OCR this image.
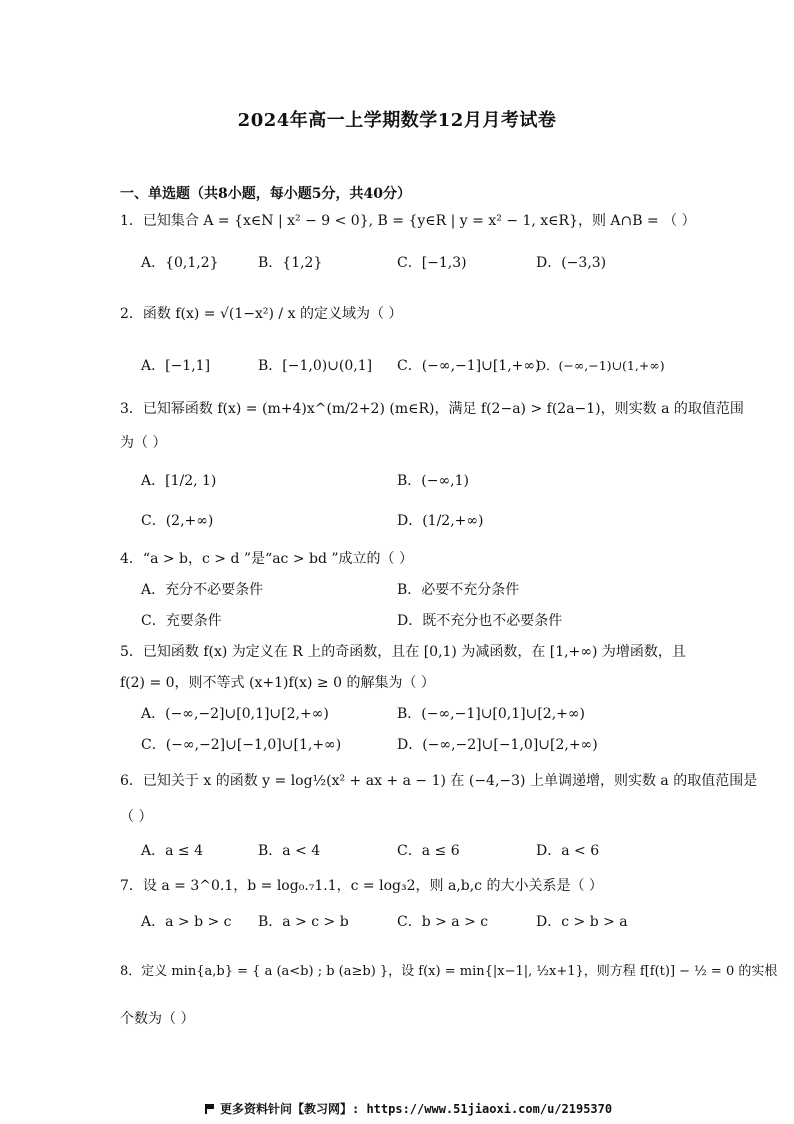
2024年高一上学期数学12月月考试卷
一、单选题（共8小题，每小题5分，共40分）
1．已知集合 A = {x∈N | x² − 9 < 0}, B = {y∈R | y = x² − 1, x∈R}，则 A∩B = （ ）
A．{0,1,2}	B．{1,2}	C．[−1,3)	D．(−3,3)
2．函数 f(x) = √(1−x²) / x 的定义域为（ ）
A．[−1,1]	B．[−1,0)∪(0,1] C．(−∞,−1]∪[1,+∞)
D．(−∞,−1)∪(1,+∞)
3．已知幂函数 f(x) = (m+4)x^(m/2+2) (m∈R)，满足 f(2−a) > f(2a−1)，则实数 a 的取值范围
为（ ）
A．[1/2, 1)	B．(−∞,1)
C．(2,+∞)	D．(1/2,+∞)
4．“a > b，c > d ”是“ac > bd ”成立的（ ）
A．充分不必要条件	B．必要不充分条件
C．充要条件	D．既不充分也不必要条件
5．已知函数 f(x) 为定义在 R 上的奇函数，且在 [0,1) 为减函数，在 [1,+∞) 为增函数，且
f(2) = 0，则不等式 (x+1)f(x) ≥ 0 的解集为（ ）
A．(−∞,−2]∪[0,1]∪[2,+∞)	B．(−∞,−1]∪[0,1]∪[2,+∞)
C．(−∞,−2]∪[−1,0]∪[1,+∞)	D．(−∞,−2]∪[−1,0]∪[2,+∞)
6．已知关于 x 的函数 y = log½(x² + ax + a − 1) 在 (−4,−3) 上单调递增，则实数 a 的取值范围是
（ ）
A．a ≤ 4	B．a < 4	C．a ≤ 6	D．a < 6
7．设 a = 3^0.1，b = log₀.₇1.1，c = log₃2，则 a,b,c 的大小关系是（ ）
A．a > b > c B．a > c > b	C．b > a > c	D．c > b > a
8．定义 min{a,b} = { a (a<b) ; b (a≥b) }，设 f(x) = min{|x−1|, ½x+1}，则方程 f[f(t)] − ½ = 0 的实根
个数为（ ）
更多资料针问【教习网】: https://www.51jiaoxi.com/u/2195370
